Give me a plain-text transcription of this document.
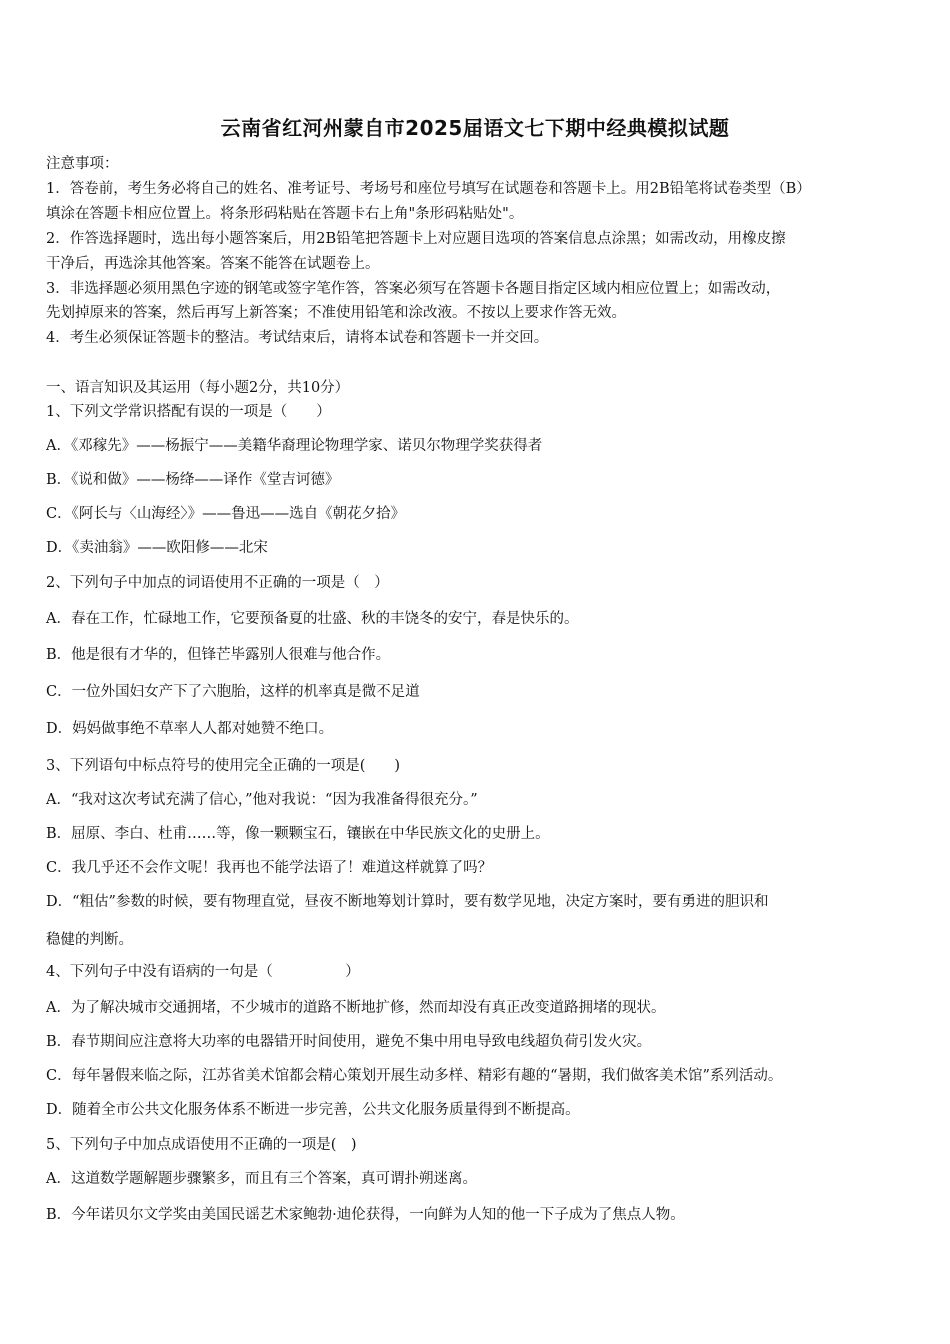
云南省红河州蒙自市2025届语文七下期中经典模拟试题
注意事项：
1．答卷前，考生务必将自己的姓名、准考证号、考场号和座位号填写在试题卷和答题卡上。用2B铅笔将试卷类型（B）
填涂在答题卡相应位置上。将条形码粘贴在答题卡右上角"条形码粘贴处"。
2．作答选择题时，选出每小题答案后，用2B铅笔把答题卡上对应题目选项的答案信息点涂黑；如需改动，用橡皮擦
干净后，再选涂其他答案。答案不能答在试题卷上。
3．非选择题必须用黑色字迹的钢笔或签字笔作答，答案必须写在答题卡各题目指定区域内相应位置上；如需改动，
先划掉原来的答案，然后再写上新答案；不准使用铅笔和涂改液。不按以上要求作答无效。
4．考生必须保证答题卡的整洁。考试结束后，请将本试卷和答题卡一并交回。
一、语言知识及其运用（每小题2分，共10分）
1、下列文学常识搭配有误的一项是（　　）
A．《邓稼先》——杨振宁——美籍华裔理论物理学家、诺贝尔物理学奖获得者
B．《说和做》——杨绛——译作《堂吉诃德》
C．《阿长与〈山海经〉》——鲁迅——选自《朝花夕拾》
D．《卖油翁》——欧阳修——北宋
2、下列句子中加点的词语使用不正确的一项是（　）
A．春在工作，忙碌地工作，它要预备夏的壮盛、秋的丰饶冬的安宁，春是快乐的。
B．他是很有才华的，但锋芒毕露别人很难与他合作。
C．一位外国妇女产下了六胞胎，这样的机率真是微不足道
D．妈妈做事绝不草率人人都对她赞不绝口。
3、下列语句中标点符号的使用完全正确的一项是(　　)
A．“我对这次考试充满了信心，”他对我说：“因为我准备得很充分。”
B．屈原、李白、杜甫……等，像一颗颗宝石，镶嵌在中华民族文化的史册上。
C．我几乎还不会作文呢！我再也不能学法语了！难道这样就算了吗？
D．“粗估”参数的时候，要有物理直觉，昼夜不断地筹划计算时，要有数学见地，决定方案时，要有勇进的胆识和
稳健的判断。
4、下列句子中没有语病的一句是（　　　　　）
A．为了解决城市交通拥堵，不少城市的道路不断地扩修，然而却没有真正改变道路拥堵的现状。
B．春节期间应注意将大功率的电器错开时间使用，避免不集中用电导致电线超负荷引发火灾。
C．每年暑假来临之际，江苏省美术馆都会精心策划开展生动多样、精彩有趣的“暑期，我们做客美术馆”系列活动。
D．随着全市公共文化服务体系不断进一步完善，公共文化服务质量得到不断提高。
5、下列句子中加点成语使用不正确的一项是(　)
A．这道数学题解题步骤繁多，而且有三个答案，真可谓扑朔迷离。
B．今年诺贝尔文学奖由美国民谣艺术家鲍勃·迪伦获得，一向鲜为人知的他一下子成为了焦点人物。
